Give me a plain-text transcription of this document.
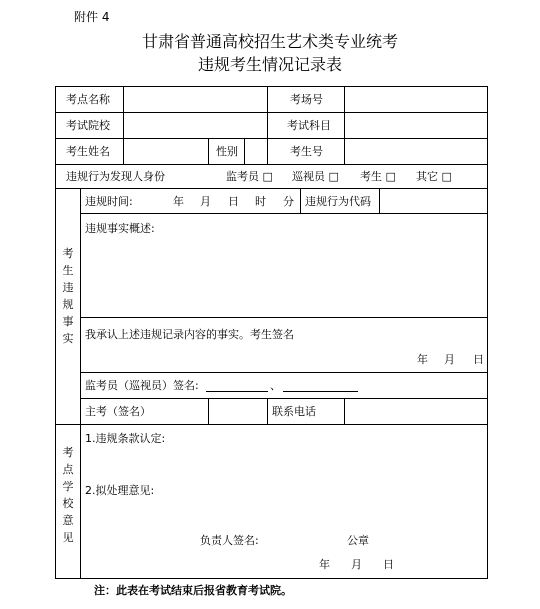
附件 4
甘肃省普通高校招生艺术类专业统考
违规考生情况记录表
考点名称	考场号
考试院校	考试科目
考生姓名	性别	考生号
违规行为发现人身份	监考员 □ 巡视员 □ 考生 □ 其它 □
考生违规事实
违规时间:	年 月 日 时 分 违规行为代码
违规事实概述:
我承认上述违规记录内容的事实。考生签名
年 月 日
监考员（巡视员）签名:	、
主考（签名）	联系电话
考点学校意见
1.违规条款认定:
2.拟处理意见:
负责人签名:	公章
年 月 日
注：此表在考试结束后报省教育考试院。
